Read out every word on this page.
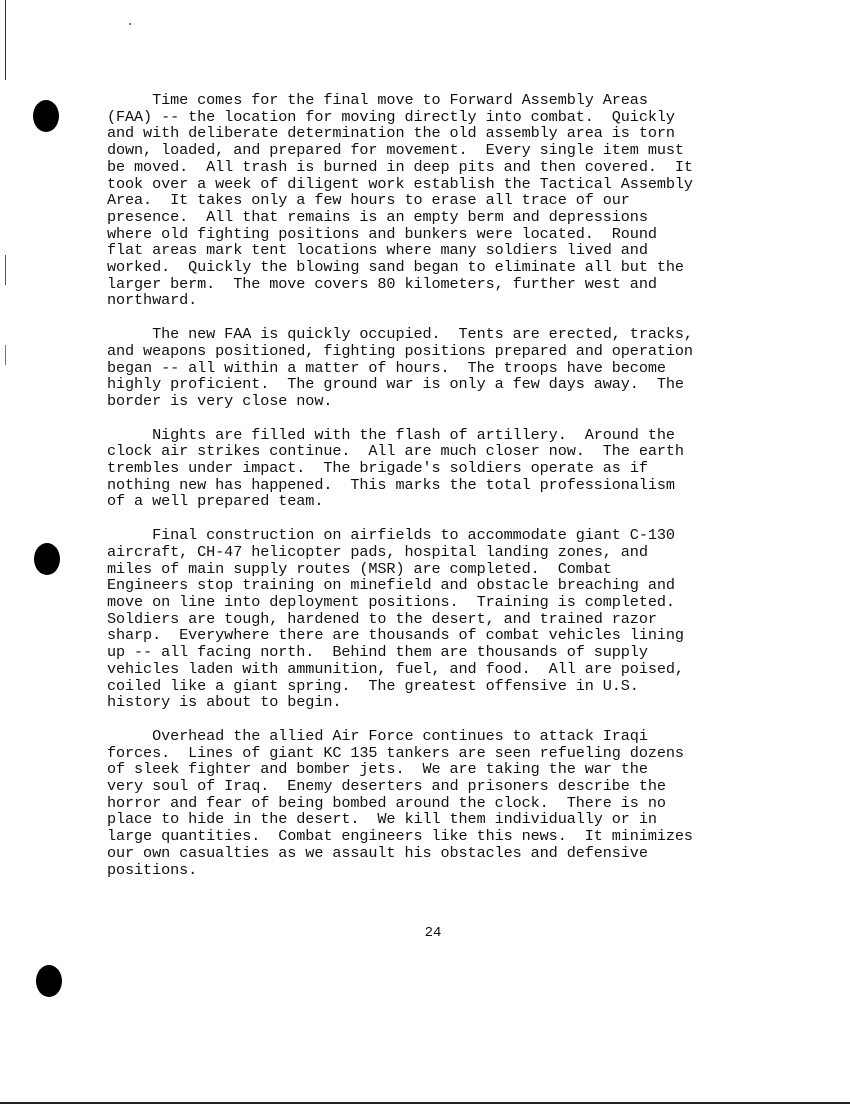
Time comes for the final move to Forward Assembly Areas
(FAA) -- the location for moving directly into combat.  Quickly
and with deliberate determination the old assembly area is torn
down, loaded, and prepared for movement.  Every single item must
be moved.  All trash is burned in deep pits and then covered.  It
took over a week of diligent work establish the Tactical Assembly
Area.  It takes only a few hours to erase all trace of our
presence.  All that remains is an empty berm and depressions
where old fighting positions and bunkers were located.  Round
flat areas mark tent locations where many soldiers lived and
worked.  Quickly the blowing sand began to eliminate all but the
larger berm.  The move covers 80 kilometers, further west and
northward.

The new FAA is quickly occupied.  Tents are erected, tracks,
and weapons positioned, fighting positions prepared and operation
began -- all within a matter of hours.  The troops have become
highly proficient.  The ground war is only a few days away.  The
border is very close now.

Nights are filled with the flash of artillery.  Around the
clock air strikes continue.  All are much closer now.  The earth
trembles under impact.  The brigade's soldiers operate as if
nothing new has happened.  This marks the total professionalism
of a well prepared team.

Final construction on airfields to accommodate giant C-130
aircraft, CH-47 helicopter pads, hospital landing zones, and
miles of main supply routes (MSR) are completed.  Combat
Engineers stop training on minefield and obstacle breaching and
move on line into deployment positions.  Training is completed.
Soldiers are tough, hardened to the desert, and trained razor
sharp.  Everywhere there are thousands of combat vehicles lining
up -- all facing north.  Behind them are thousands of supply
vehicles laden with ammunition, fuel, and food.  All are poised,
coiled like a giant spring.  The greatest offensive in U.S.
history is about to begin.

Overhead the allied Air Force continues to attack Iraqi
forces.  Lines of giant KC 135 tankers are seen refueling dozens
of sleek fighter and bomber jets.  We are taking the war the
very soul of Iraq.  Enemy deserters and prisoners describe the
horror and fear of being bombed around the clock.  There is no
place to hide in the desert.  We kill them individually or in
large quantities.  Combat engineers like this news.  It minimizes
our own casualties as we assault his obstacles and defensive
positions.

24
